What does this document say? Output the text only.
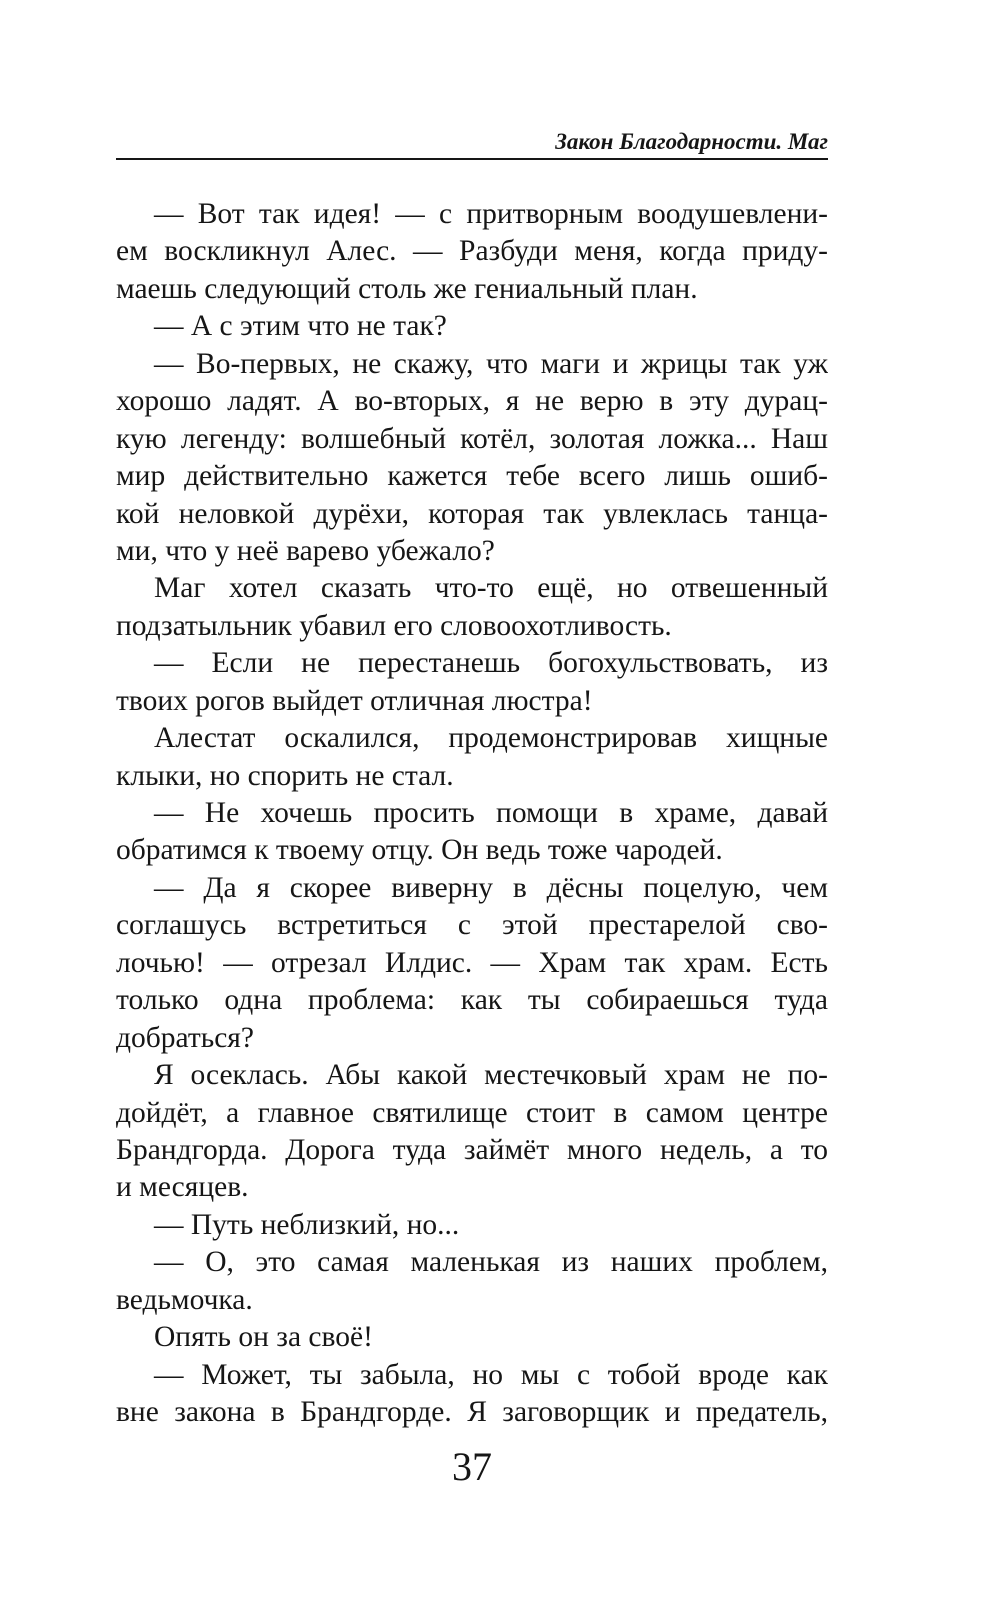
Закон Благодарности. Маг
— Вот так идея! — с притворным воодушевлени-
ем воскликнул Алес. — Разбуди меня, когда приду-
маешь следующий столь же гениальный план.
— А с этим что не так?
— Во-первых, не скажу, что маги и жрицы так уж
хорошо ладят. А во-вторых, я не верю в эту дурац-
кую легенду: волшебный котёл, золотая ложка... Наш
мир действительно кажется тебе всего лишь ошиб-
кой неловкой дурёхи, которая так увлеклась танца-
ми, что у неё варево убежало?
Маг хотел сказать что-то ещё, но отвешенный
подзатыльник убавил его словоохотливость.
— Если не перестанешь богохульствовать, из
твоих рогов выйдет отличная люстра!
Алестат оскалился, продемонстрировав хищные
клыки, но спорить не стал.
— Не хочешь просить помощи в храме, давай
обратимся к твоему отцу. Он ведь тоже чародей.
— Да я скорее виверну в дёсны поцелую, чем
соглашусь встретиться с этой престарелой сво-
лочью! — отрезал Илдис. — Храм так храм. Есть
только одна проблема: как ты собираешься туда
добраться?
Я осеклась. Абы какой местечковый храм не по-
дойдёт, а главное святилище стоит в самом центре
Брандгорда. Дорога туда займёт много недель, а то
и месяцев.
— Путь неблизкий, но...
— О, это самая маленькая из наших проблем,
ведьмочка.
Опять он за своё!
— Может, ты забыла, но мы с тобой вроде как
вне закона в Брандгорде. Я заговорщик и предатель,
37
